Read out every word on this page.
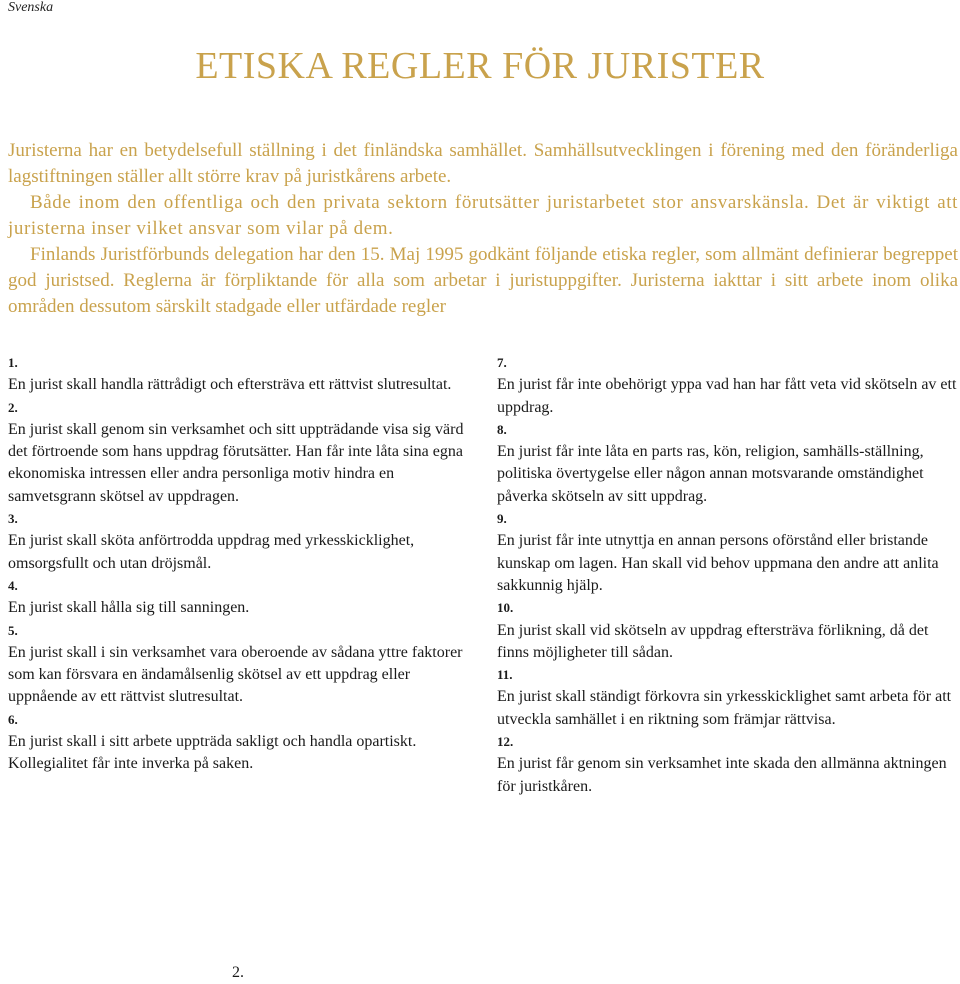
Svenska
ETISKA REGLER FÖR JURISTER

Juristerna har en betydelsefull ställning i det finländska samhället. Samhällsutvecklingen i förening med den föränderliga lagstiftningen ställer allt större krav på juristkårens arbete.

Både inom den offentliga och den privata sektorn förutsätter juristarbetet stor ansvarskänsla. Det är viktigt att juristerna inser vilket ansvar som vilar på dem.

Finlands Juristförbunds delegation har den 15. Maj 1995 godkänt följande etiska regler, som allmänt definierar begreppet god juristsed. Reglerna är förpliktande för alla som arbetar i juristuppgifter. Juristerna iakttar i sitt arbete inom olika områden dessutom särskilt stadgade eller utfärdade regler

1.
En jurist skall handla rättrådigt och eftersträva ett rättvist slutresultat.
2.
En jurist skall genom sin verksamhet och sitt uppträdande visa sig värd det förtroende som hans uppdrag förutsätter. Han får inte låta sina egna ekonomiska intressen eller andra personliga motiv hindra en samvetsgrann skötsel av uppdragen.
3.
En jurist skall sköta anförtrodda uppdrag med yrkesskicklighet, omsorgsfullt och utan dröjsmål.
4.
En jurist skall hålla sig till sanningen.
5.
En jurist skall i sin verksamhet vara oberoende av sådana yttre faktorer som kan försvara en ändamålsenlig skötsel av ett uppdrag eller uppnående av ett rättvist slutresultat.
6.
En jurist skall i sitt arbete uppträda sakligt och handla opartiskt. Kollegialitet får inte inverka på saken.
7.
En jurist får inte obehörigt yppa vad han har fått veta vid skötseln av ett uppdrag.
8.
En jurist får inte låta en parts ras, kön, religion, samhälls-ställning, politiska övertygelse eller någon annan motsvarande omständighet påverka skötseln av sitt uppdrag.
9.
En jurist får inte utnyttja en annan persons oförstånd eller bristande kunskap om lagen. Han skall vid behov uppmana den andre att anlita sakkunnig hjälp.
10.
En jurist skall vid skötseln av uppdrag eftersträva förlikning, då det finns möjligheter till sådan.
11.
En jurist skall ständigt förkovra sin yrkesskicklighet samt arbeta för att utveckla samhället i en riktning som främjar rättvisa.
12.
En jurist får genom sin verksamhet inte skada den allmänna aktningen för juristkåren.
2.
